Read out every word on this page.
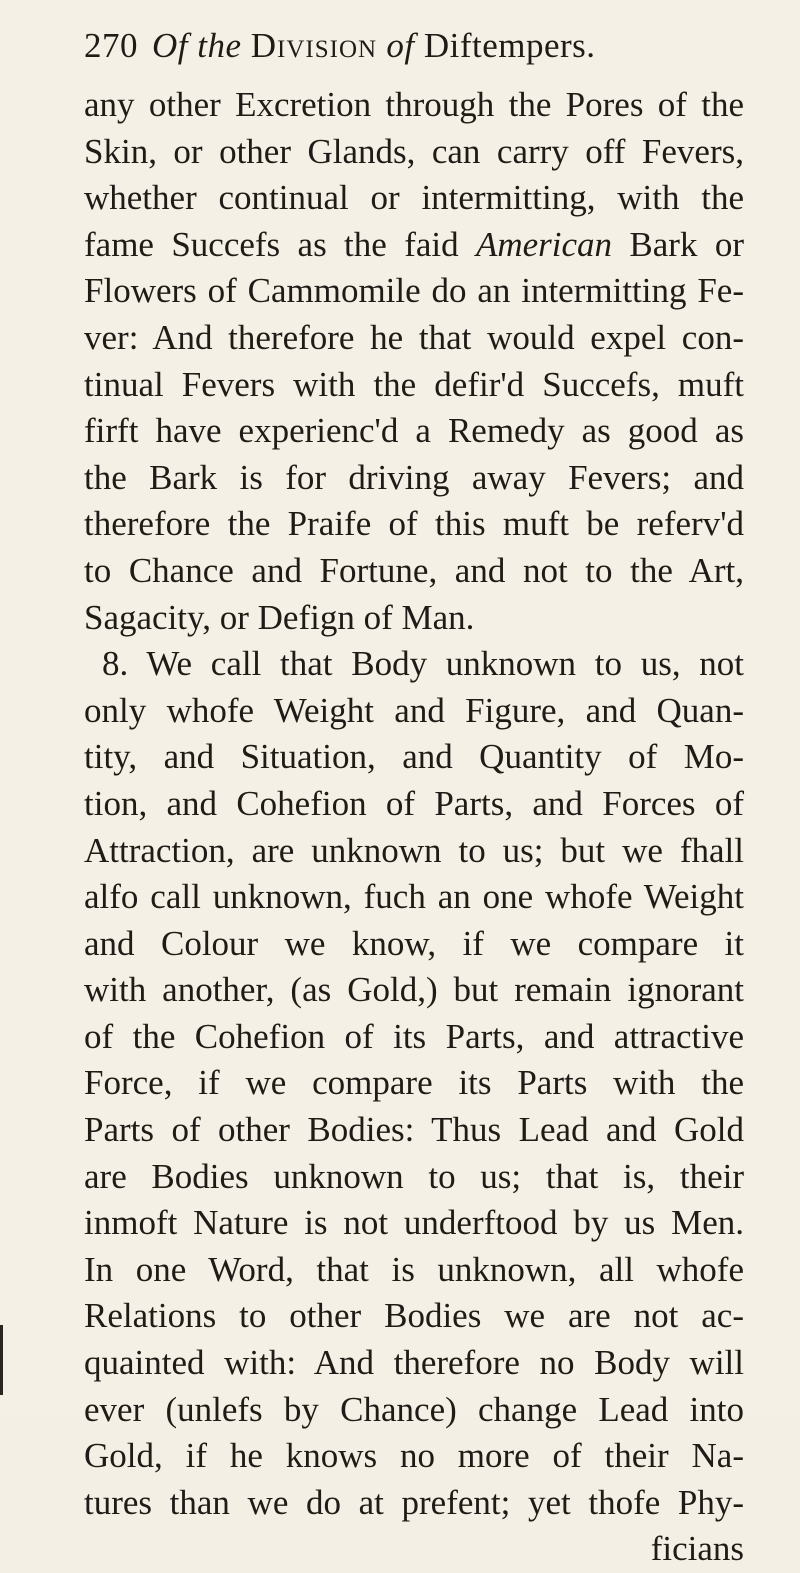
270 Of the Division of Diftempers.
any other Excretion through the Pores of the
Skin, or other Glands, can carry off Fevers,
whether continual or intermitting, with the
fame Succefs as the faid American Bark or
Flowers of Cammomile do an intermitting Fe-
ver: And therefore he that would expel con-
tinual Fevers with the defir'd Succefs, muft
firft have experienc'd a Remedy as good as
the Bark is for driving away Fevers; and
therefore the Praife of this muft be referv'd
to Chance and Fortune, and not to the Art,
Sagacity, or Defign of Man.
8. We call that Body unknown to us, not
only whofe Weight and Figure, and Quan-
tity, and Situation, and Quantity of Mo-
tion, and Cohefion of Parts, and Forces of
Attraction, are unknown to us; but we fhall
alfo call unknown, fuch an one whofe Weight
and Colour we know, if we compare it
with another, (as Gold,) but remain ignorant
of the Cohefion of its Parts, and attractive
Force, if we compare its Parts with the
Parts of other Bodies: Thus Lead and Gold
are Bodies unknown to us; that is, their
inmoft Nature is not underftood by us Men.
In one Word, that is unknown, all whofe
Relations to other Bodies we are not ac-
quainted with: And therefore no Body will
ever (unlefs by Chance) change Lead into
Gold, if he knows no more of their Na-
tures than we do at prefent; yet thofe Phy-
ficians
